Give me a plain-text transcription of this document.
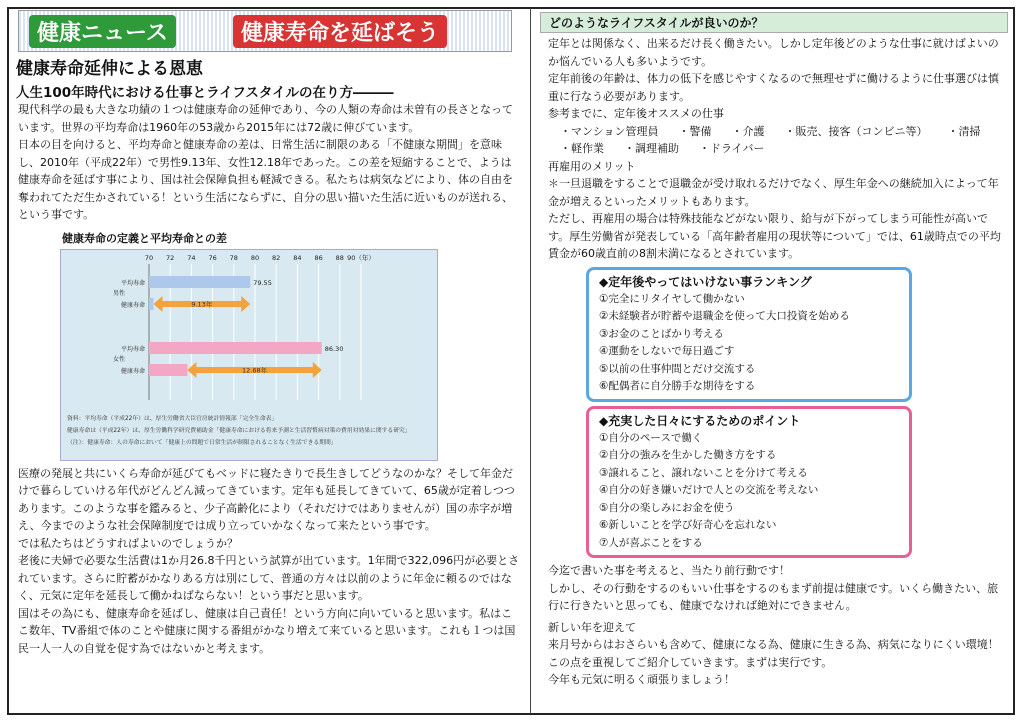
健康ニュース	健康寿命を延ばそう
健康寿命延伸による恩恵
人生100年時代における仕事とライフスタイルの在り方―――

現代科学の最も大きな功績の１つは健康寿命の延伸であり、今の人類の寿命は未曽有の長さとなっています。世界の平均寿命は1960年の53歳から2015年には72歳に伸びています。

日本の目を向けると、平均寿命と健康寿命の差は、日常生活に制限のある「不健康な期間」を意味し、2010年（平成22年）で男性9.13年、女性12.18年であった。この差を短縮することで、ようは健康寿命を延ばす事により、国は社会保障負担も軽減できる。私たちは病気などにより、体の自由を奪われてただ生かされている！という生活にならずに、自分の思い描いた生活に近いものが送れる、という事です。

健康寿命の定義と平均寿命との差
70 72 74 76 78 80 82 84 86 88 90（年）
79.55
平均寿命
健康寿命
86.30
平均寿命
健康寿命
男性
女性
9.13年
12.68年
資料：平均寿命（平成22年）は、厚生労働省大臣官房統計情報部「完全生命表」
健康寿命は（平成22年）は、厚生労働科学研究費補助金「健康寿命における将来予測と生活習慣病対策の費用対効果に関する研究」
（注）：健康寿命：人の寿命において「健康上の問題で日常生活が制限されることなく生活できる期間」

医療の発展と共にいくら寿命が延びてもベッドに寝たきりで長生きしてどうなのかな？そして年金だけで暮らしていける年代がどんどん減ってきています。定年も延長してきていて、65歳が定着しつつあります。このような事を鑑みると、少子高齢化により（それだけではありませんが）国の赤字が増え、今までのような社会保障制度では成り立っていかなくなって来たという事です。

では私たちはどうすればよいのでしょうか？

老後に夫婦で必要な生活費は1か月26.8千円という試算が出ています。1年間で322,096円が必要とされています。さらに貯蓄がかなりある方は別にして、普通の方々は以前のように年金に頼るのではなく、元気に定年を延長して働かねばならない！という事だと思います。

国はその為にも、健康寿命を延ばし、健康は自己責任！という方向に向いていると思います。私はここ数年、TV番組で体のことや健康に関する番組がかなり増えて来ていると思います。これも１つは国民一人一人の自覚を促す為ではないかと考えます。

どのようなライフスタイルが良いのか？

定年とは関係なく、出来るだけ長く働きたい。しかし定年後どのような仕事に就けばよいのか悩んでいる人も多いようです。

定年前後の年齢は、体力の低下を感じやすくなるので無理せずに働けるように仕事選びは慎重に行なう必要があります。

参考までに、定年後オススメの仕事

・マンション管理員 ・警備 ・介護 ・販売、接客（コンビニ等） ・清掃
・軽作業 ・調理補助 ・ドライバー

再雇用のメリット

＊一旦退職をすることで退職金が受け取れるだけでなく、厚生年金への継続加入によって年金が増えるといったメリットもあります。

ただし、再雇用の場合は特殊技能などがない限り、給与が下がってしまう可能性が高いです。厚生労働省が発表している「高年齢者雇用の現状等について」では、61歳時点での平均賃金が60歳直前の8割未満になるとされています。

◆定年後やってはいけない事ランキング
①完全にリタイヤして働かない
②未経験者が貯蓄や退職金を使って大口投資を始める
③お金のことばかり考える
④運動をしないで毎日過ごす
⑤以前の仕事仲間とだけ交流する
⑥配偶者に自分勝手な期待をする
◆充実した日々にするためのポイント
①自分のペースで働く
②自分の強みを生かした働き方をする
③譲れること、譲れないことを分けて考える
④自分の好き嫌いだけで人との交流を考えない
⑤自分の楽しみにお金を使う
⑥新しいことを学び好奇心を忘れない
⑦人が喜ぶことをする

今迄で書いた事を考えると、当たり前行動です！

しかし、その行動をするのもいい仕事をするのもまず前提は健康です。いくら働きたい、旅行に行きたいと思っても、健康でなければ絶対にできません。

新しい年を迎えて

来月号からはおさらいも含めて、健康になる為、健康に生きる為、病気になりにくい環境！この点を重視してご紹介していきます。まずは実行です。

今年も元気に明るく頑張りましょう！
